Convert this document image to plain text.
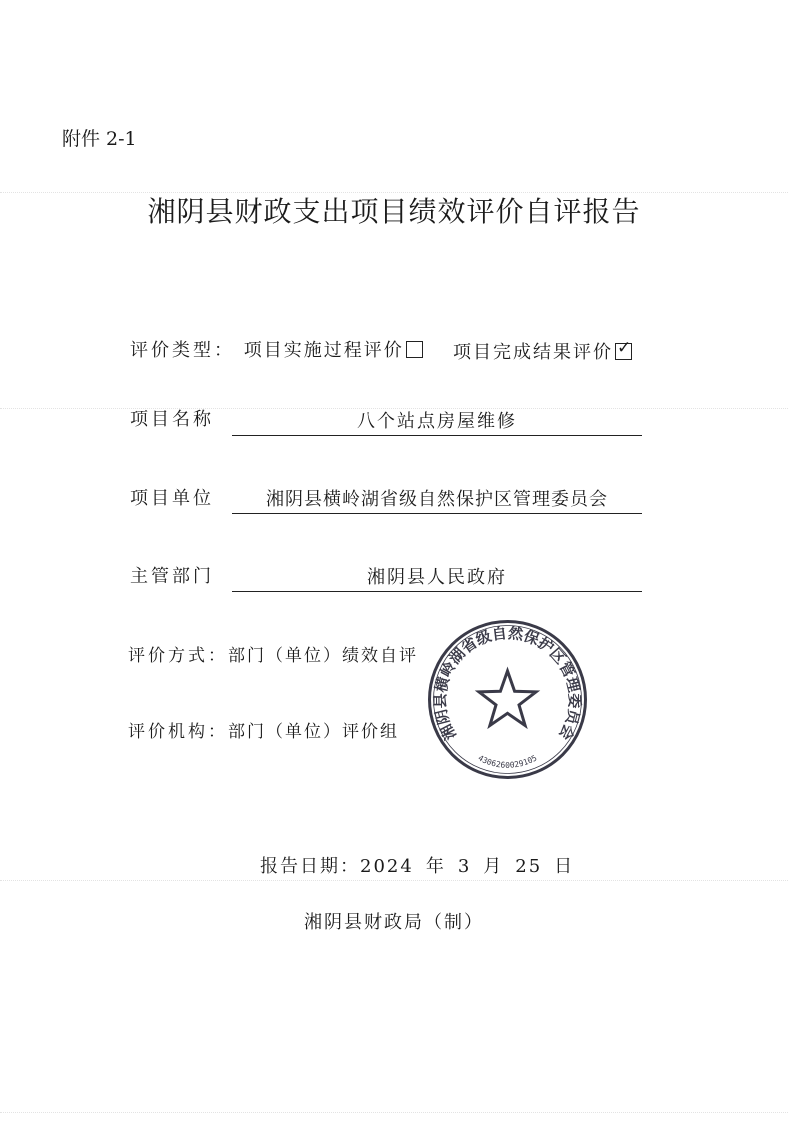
附件 2-1
湘阴县财政支出项目绩效评价自评报告
评价类型： 项目实施过程评价	项目完成结果评价 ✓
项目名称	八个站点房屋维修
项目单位	湘阴县横岭湖省级自然保护区管理委员会
主管部门	湘阴县人民政府
评价方式：部门（单位）绩效自评
评价机构：部门（单位）评价组	湘阴县横岭湖省级自然保护区管理委员会
4306260029105
报告日期：2024 年 3 月 25 日
湘阴县财政局（制）
